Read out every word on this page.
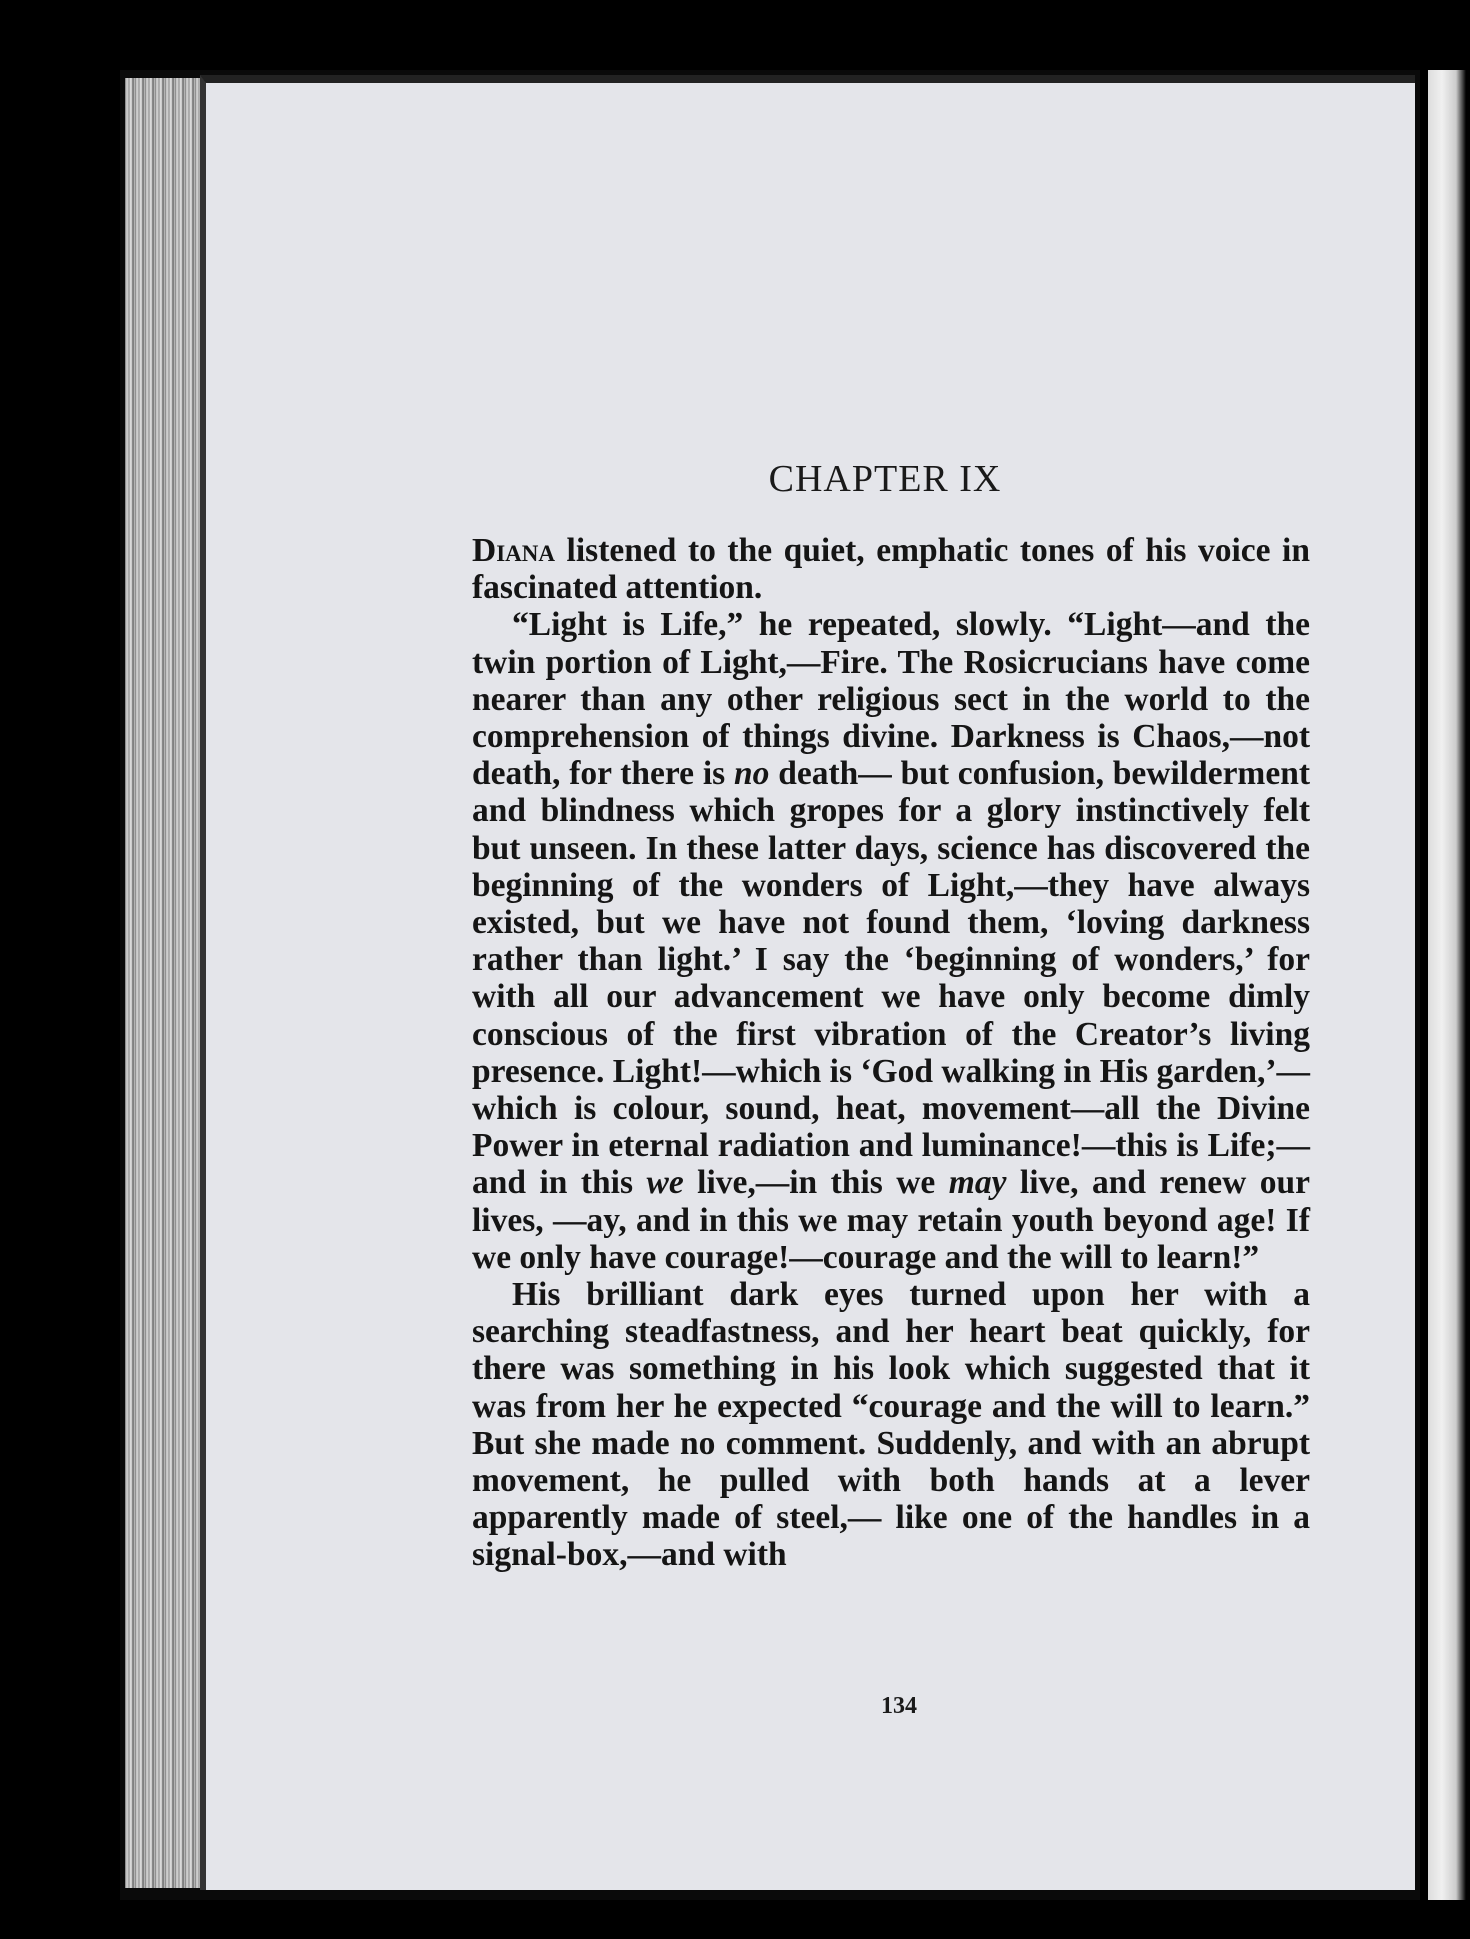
CHAPTER IX

Diana listened to the quiet, emphatic tones of his voice in fascinated attention.

“Light is Life,” he repeated, slowly. “Light—and the twin portion of Light,—Fire. The Rosicrucians have come nearer than any other religious sect in the world to the comprehension of things divine. Darkness is Chaos,—not death, for there is no death— but confusion, bewilderment and blindness which gropes for a glory instinctively felt but unseen. In these latter days, science has discovered the beginning of the wonders of Light,—they have always existed, but we have not found them, ‘loving darkness rather than light.’ I say the ‘beginning of wonders,’ for with all our advancement we have only become dimly conscious of the first vibration of the Creator’s living presence. Light!—which is ‘God walking in His garden,’—which is colour, sound, heat, movement—all the Divine Power in eternal radiation and luminance!—this is Life;—and in this we live,—in this we may live, and renew our lives, —ay, and in this we may retain youth beyond age! If we only have courage!—courage and the will to learn!”

His brilliant dark eyes turned upon her with a searching steadfastness, and her heart beat quickly, for there was something in his look which suggested that it was from her he expected “courage and the will to learn.” But she made no comment. Suddenly, and with an abrupt movement, he pulled with both hands at a lever apparently made of steel,— like one of the handles in a signal-box,—and with

134
